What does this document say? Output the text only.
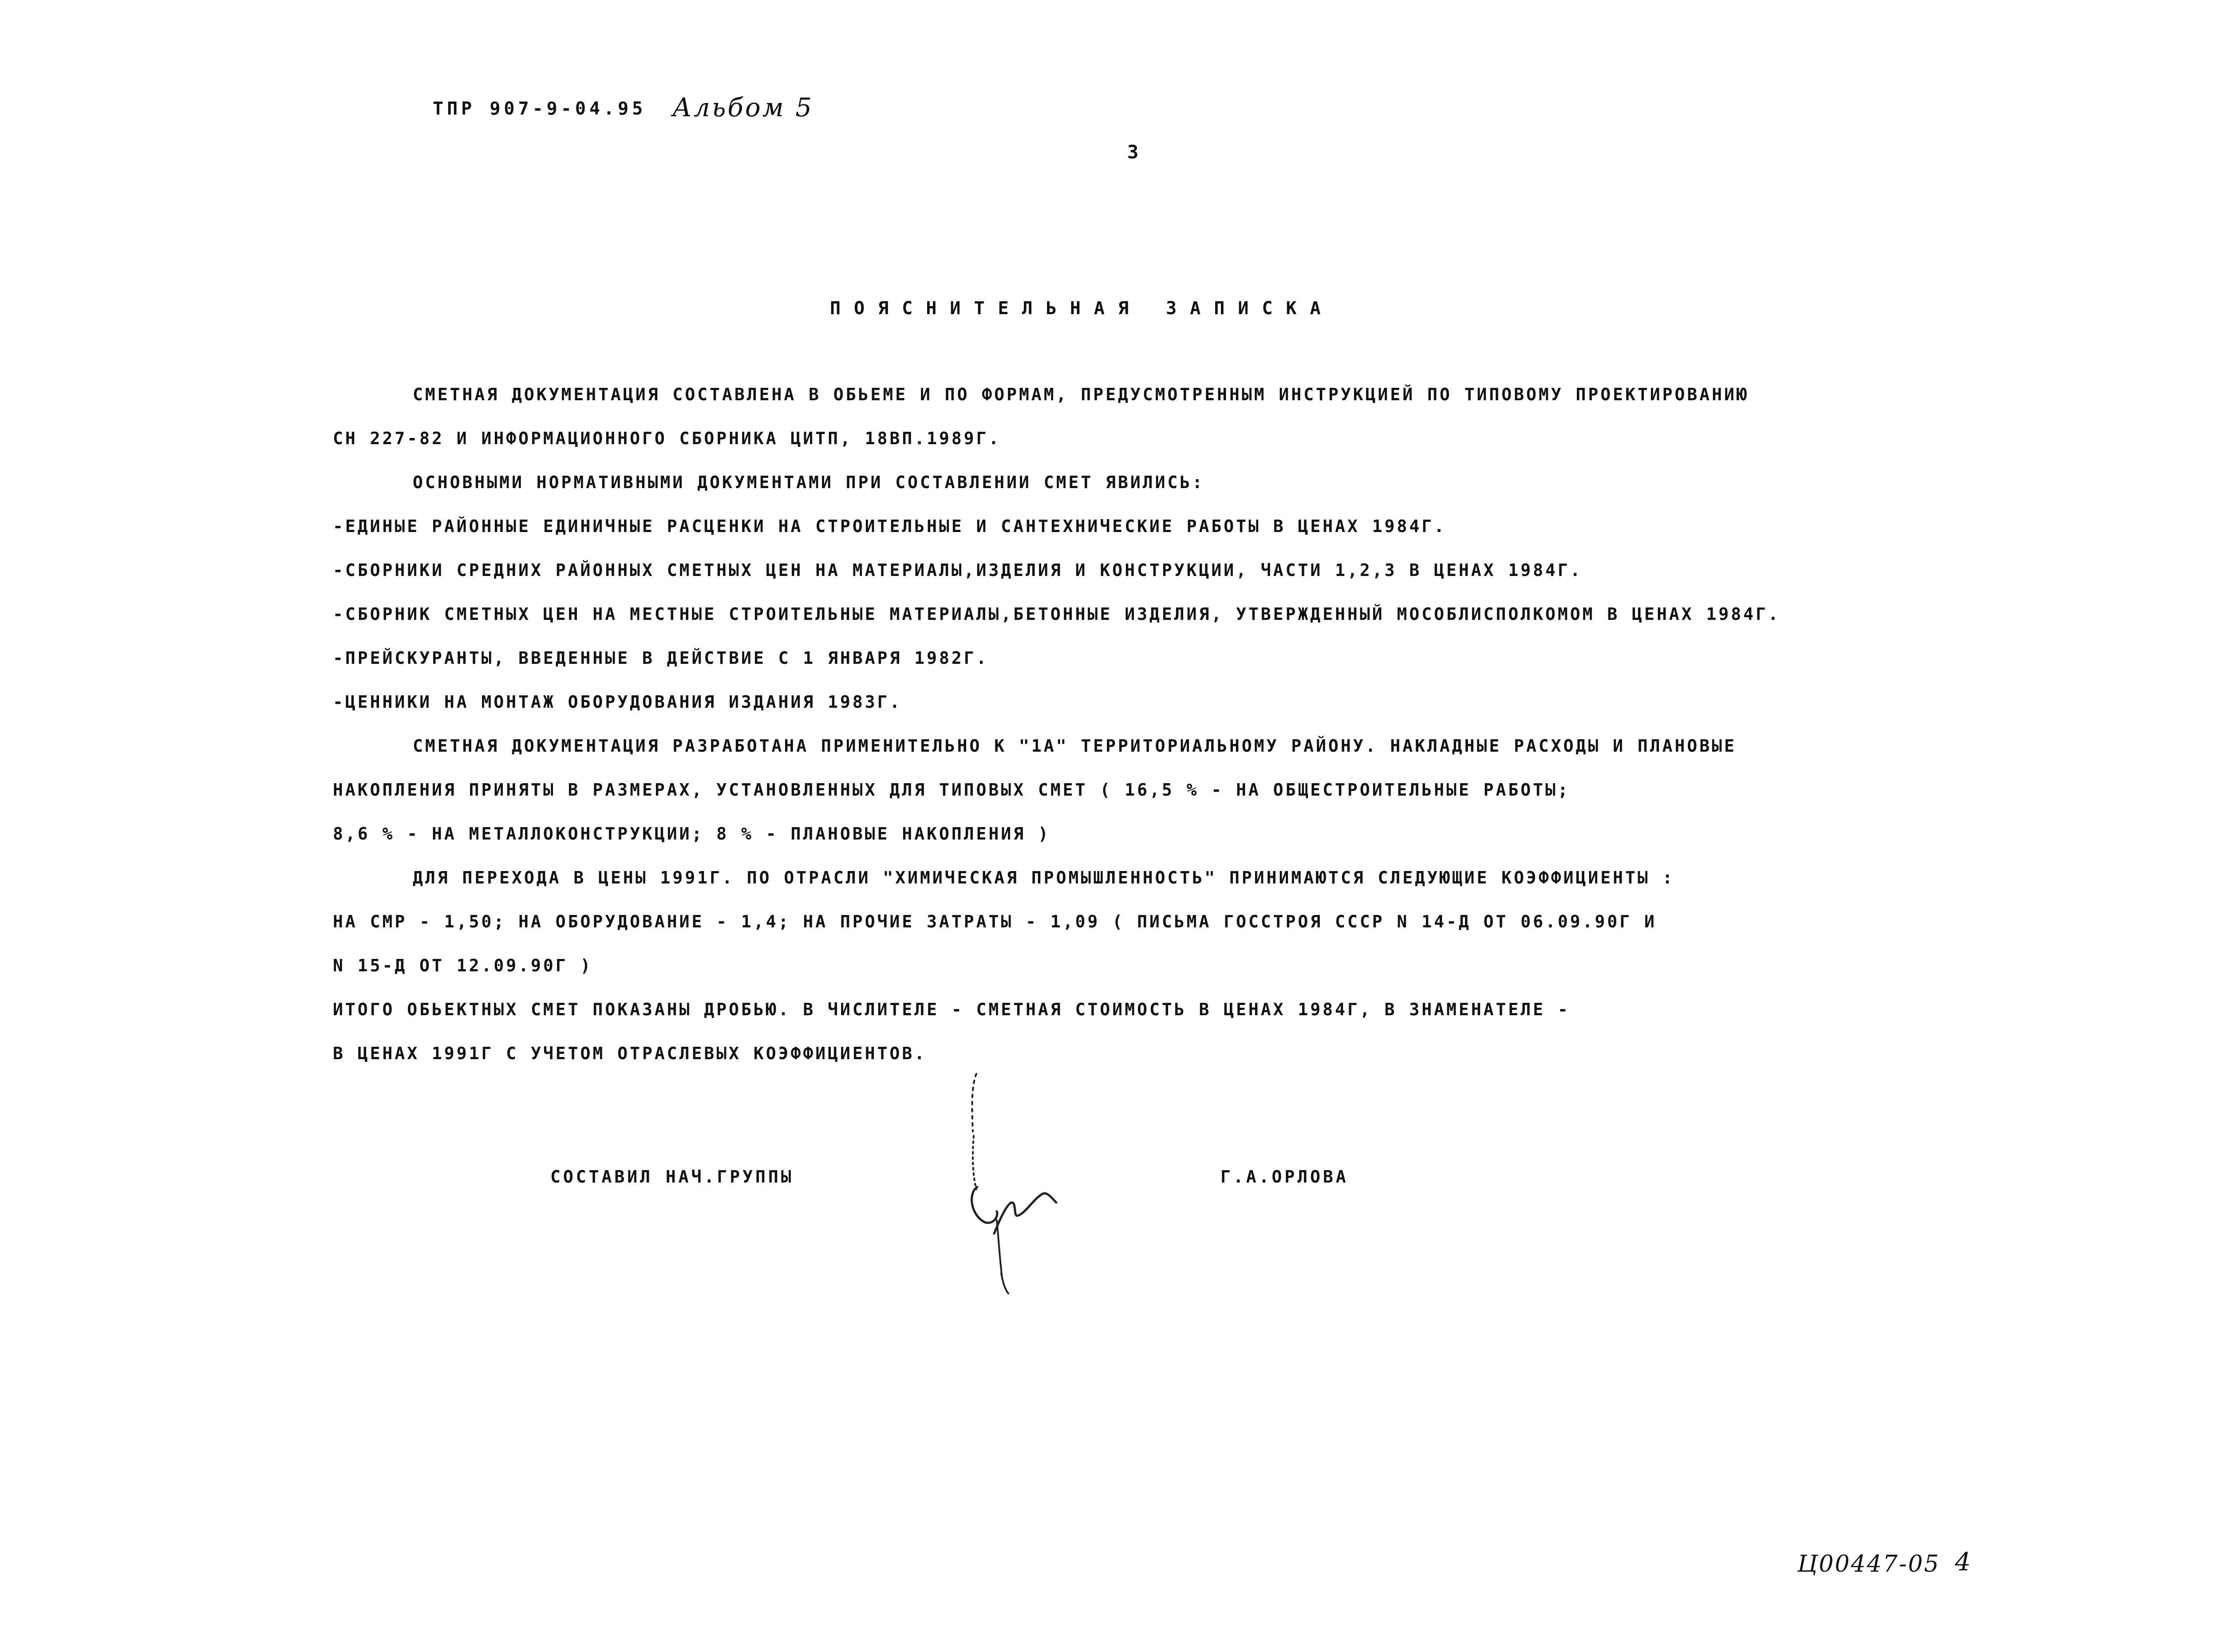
ТПР 907-9-04.95 Альбом 5
3
ПОЯСНИТЕЛЬНАЯ ЗАПИСКА
СМЕТНАЯ ДОКУМЕНТАЦИЯ СОСТАВЛЕНА В ОБЬЕМЕ И ПО ФОРМАМ, ПРЕДУСМОТРЕННЫМ ИНСТРУКЦИЕЙ ПО ТИПОВОМУ ПРОЕКТИРОВАНИЮ
СН 227-82 И ИНФОРМАЦИОННОГО СБОРНИКА ЦИТП, 18ВП.1989Г.
ОСНОВНЫМИ НОРМАТИВНЫМИ ДОКУМЕНТАМИ ПРИ СОСТАВЛЕНИИ СМЕТ ЯВИЛИСЬ:
-ЕДИНЫЕ РАЙОННЫЕ ЕДИНИЧНЫЕ РАСЦЕНКИ НА СТРОИТЕЛЬНЫЕ И САНТЕХНИЧЕСКИЕ РАБОТЫ В ЦЕНАХ 1984Г.
-СБОРНИКИ СРЕДНИХ РАЙОННЫХ СМЕТНЫХ ЦЕН НА МАТЕРИАЛЫ,ИЗДЕЛИЯ И КОНСТРУКЦИИ, ЧАСТИ 1,2,3 В ЦЕНАХ 1984Г.
-СБОРНИК СМЕТНЫХ ЦЕН НА МЕСТНЫЕ СТРОИТЕЛЬНЫЕ МАТЕРИАЛЫ,БЕТОННЫЕ ИЗДЕЛИЯ, УТВЕРЖДЕННЫЙ МОСОБЛИСПОЛКОМОМ В ЦЕНАХ 1984Г.
-ПРЕЙСКУРАНТЫ, ВВЕДЕННЫЕ В ДЕЙСТВИЕ С 1 ЯНВАРЯ 1982Г.
-ЦЕННИКИ НА МОНТАЖ ОБОРУДОВАНИЯ ИЗДАНИЯ 1983Г.
СМЕТНАЯ ДОКУМЕНТАЦИЯ РАЗРАБОТАНА ПРИМЕНИТЕЛЬНО К "1А" ТЕРРИТОРИАЛЬНОМУ РАЙОНУ. НАКЛАДНЫЕ РАСХОДЫ И ПЛАНОВЫЕ
НАКОПЛЕНИЯ ПРИНЯТЫ В РАЗМЕРАХ, УСТАНОВЛЕННЫХ ДЛЯ ТИПОВЫХ СМЕТ ( 16,5 % - НА ОБЩЕСТРОИТЕЛЬНЫЕ РАБОТЫ;
8,6 % - НА МЕТАЛЛОКОНСТРУКЦИИ; 8 % - ПЛАНОВЫЕ НАКОПЛЕНИЯ )
ДЛЯ ПЕРЕХОДА В ЦЕНЫ 1991Г. ПО ОТРАСЛИ "ХИМИЧЕСКАЯ ПРОМЫШЛЕННОСТЬ" ПРИНИМАЮТСЯ СЛЕДУЮЩИЕ КОЭФФИЦИЕНТЫ :
НА СМР - 1,50; НА ОБОРУДОВАНИЕ - 1,4; НА ПРОЧИЕ ЗАТРАТЫ - 1,09 ( ПИСЬМА ГОССТРОЯ СССР N 14-Д ОТ 06.09.90Г И
N 15-Д ОТ 12.09.90Г )
ИТОГО ОБЬЕКТНЫХ СМЕТ ПОКАЗАНЫ ДРОБЬЮ. В ЧИСЛИТЕЛЕ - СМЕТНАЯ СТОИМОСТЬ В ЦЕНАХ 1984Г, В ЗНАМЕНАТЕЛЕ -
В ЦЕНАХ 1991Г С УЧЕТОМ ОТРАСЛЕВЫХ КОЭФФИЦИЕНТОВ.
СОСТАВИЛ НАЧ.ГРУППЫ	Г.А.ОРЛОВА
Ц00447-05 4
